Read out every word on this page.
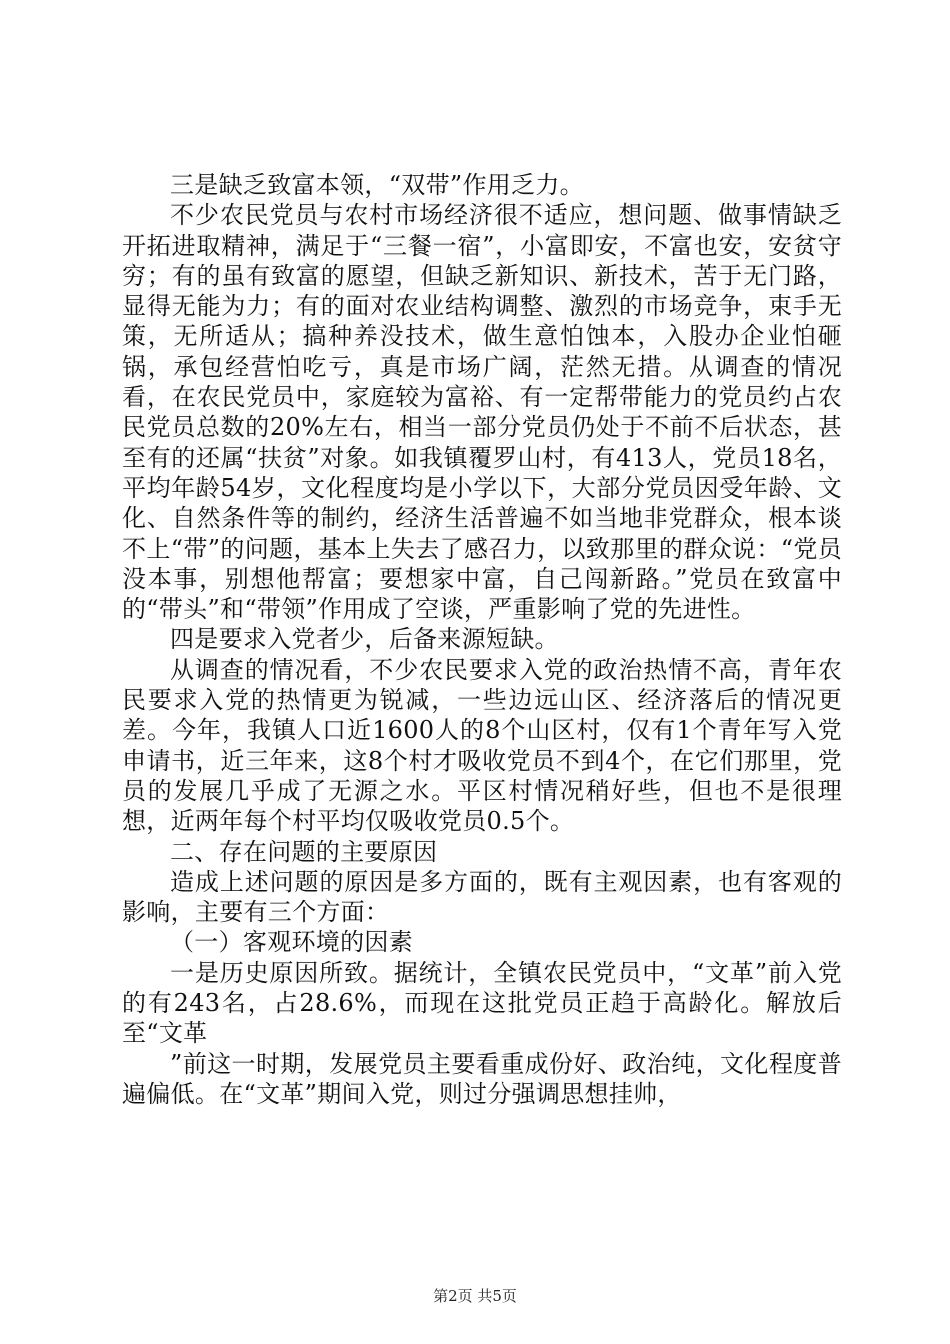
三是缺乏致富本领，“双带”作用乏力。

不少农民党员与农村市场经济很不适应，想问题、做事情缺乏开拓进取精神，满足于“三餐一宿”，小富即安，不富也安，安贫守穷；有的虽有致富的愿望，但缺乏新知识、新技术，苦于无门路，显得无能为力；有的面对农业结构调整、激烈的市场竞争，束手无策，无所适从；搞种养没技术，做生意怕蚀本，入股办企业怕砸锅，承包经营怕吃亏，真是市场广阔，茫然无措。从调查的情况看，在农民党员中，家庭较为富裕、有一定帮带能力的党员约占农民党员总数的20%左右，相当一部分党员仍处于不前不后状态，甚至有的还属“扶贫”对象。如我镇覆罗山村，有413人，党员18名，平均年龄54岁，文化程度均是小学以下，大部分党员因受年龄、文化、自然条件等的制约，经济生活普遍不如当地非党群众，根本谈不上“带”的问题，基本上失去了感召力，以致那里的群众说：“党员没本事，别想他帮富；要想家中富，自己闯新路。”党员在致富中的“带头”和“带领”作用成了空谈，严重影响了党的先进性。

四是要求入党者少，后备来源短缺。

从调查的情况看，不少农民要求入党的政治热情不高，青年农民要求入党的热情更为锐减，一些边远山区、经济落后的情况更差。今年，我镇人口近1600人的8个山区村，仅有1个青年写入党申请书，近三年来，这8个村才吸收党员不到4个，在它们那里，党员的发展几乎成了无源之水。平区村情况稍好些，但也不是很理想，近两年每个村平均仅吸收党员0.5个。

二、存在问题的主要原因

造成上述问题的原因是多方面的，既有主观因素，也有客观的影响，主要有三个方面：

（一）客观环境的因素

一是历史原因所致。据统计，全镇农民党员中，“文革”前入党的有243名，占28.6%，而现在这批党员正趋于高龄化。解放后至“文革

”前这一时期，发展党员主要看重成份好、政治纯，文化程度普遍偏低。在“文革”期间入党，则过分强调思想挂帅，

第2页 共5页
